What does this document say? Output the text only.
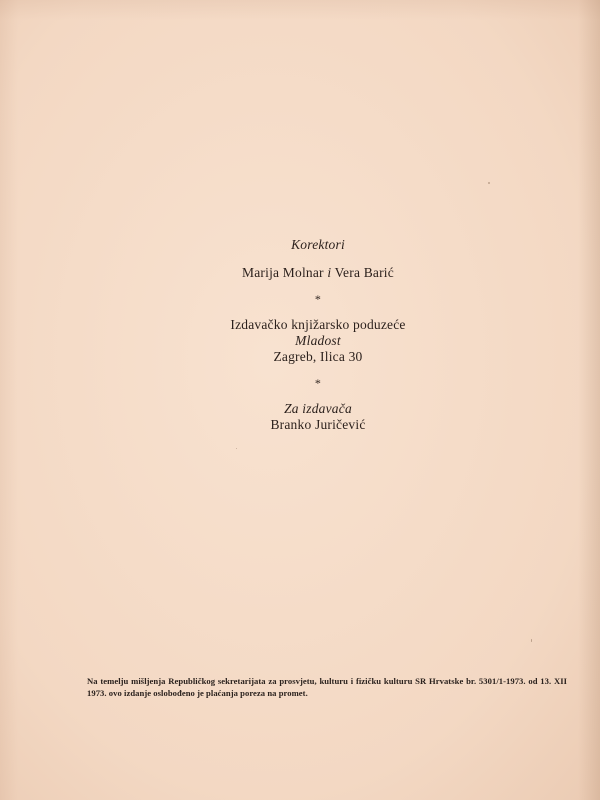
Korektori
Marija Molnar i Vera Barić
*
Izdavačko knjižarsko poduzeće
Mladost
Zagreb, Ilica 30
*
Za izdavača
Branko Juričević
Na temelju mišljenja Republičkog sekretarijata za prosvjetu, kulturu i fizičku kulturu SR Hrvatske br. 5301/1-1973. od 13. XII 1973. ovo izdanje oslobođeno je plaćanja poreza na promet.
